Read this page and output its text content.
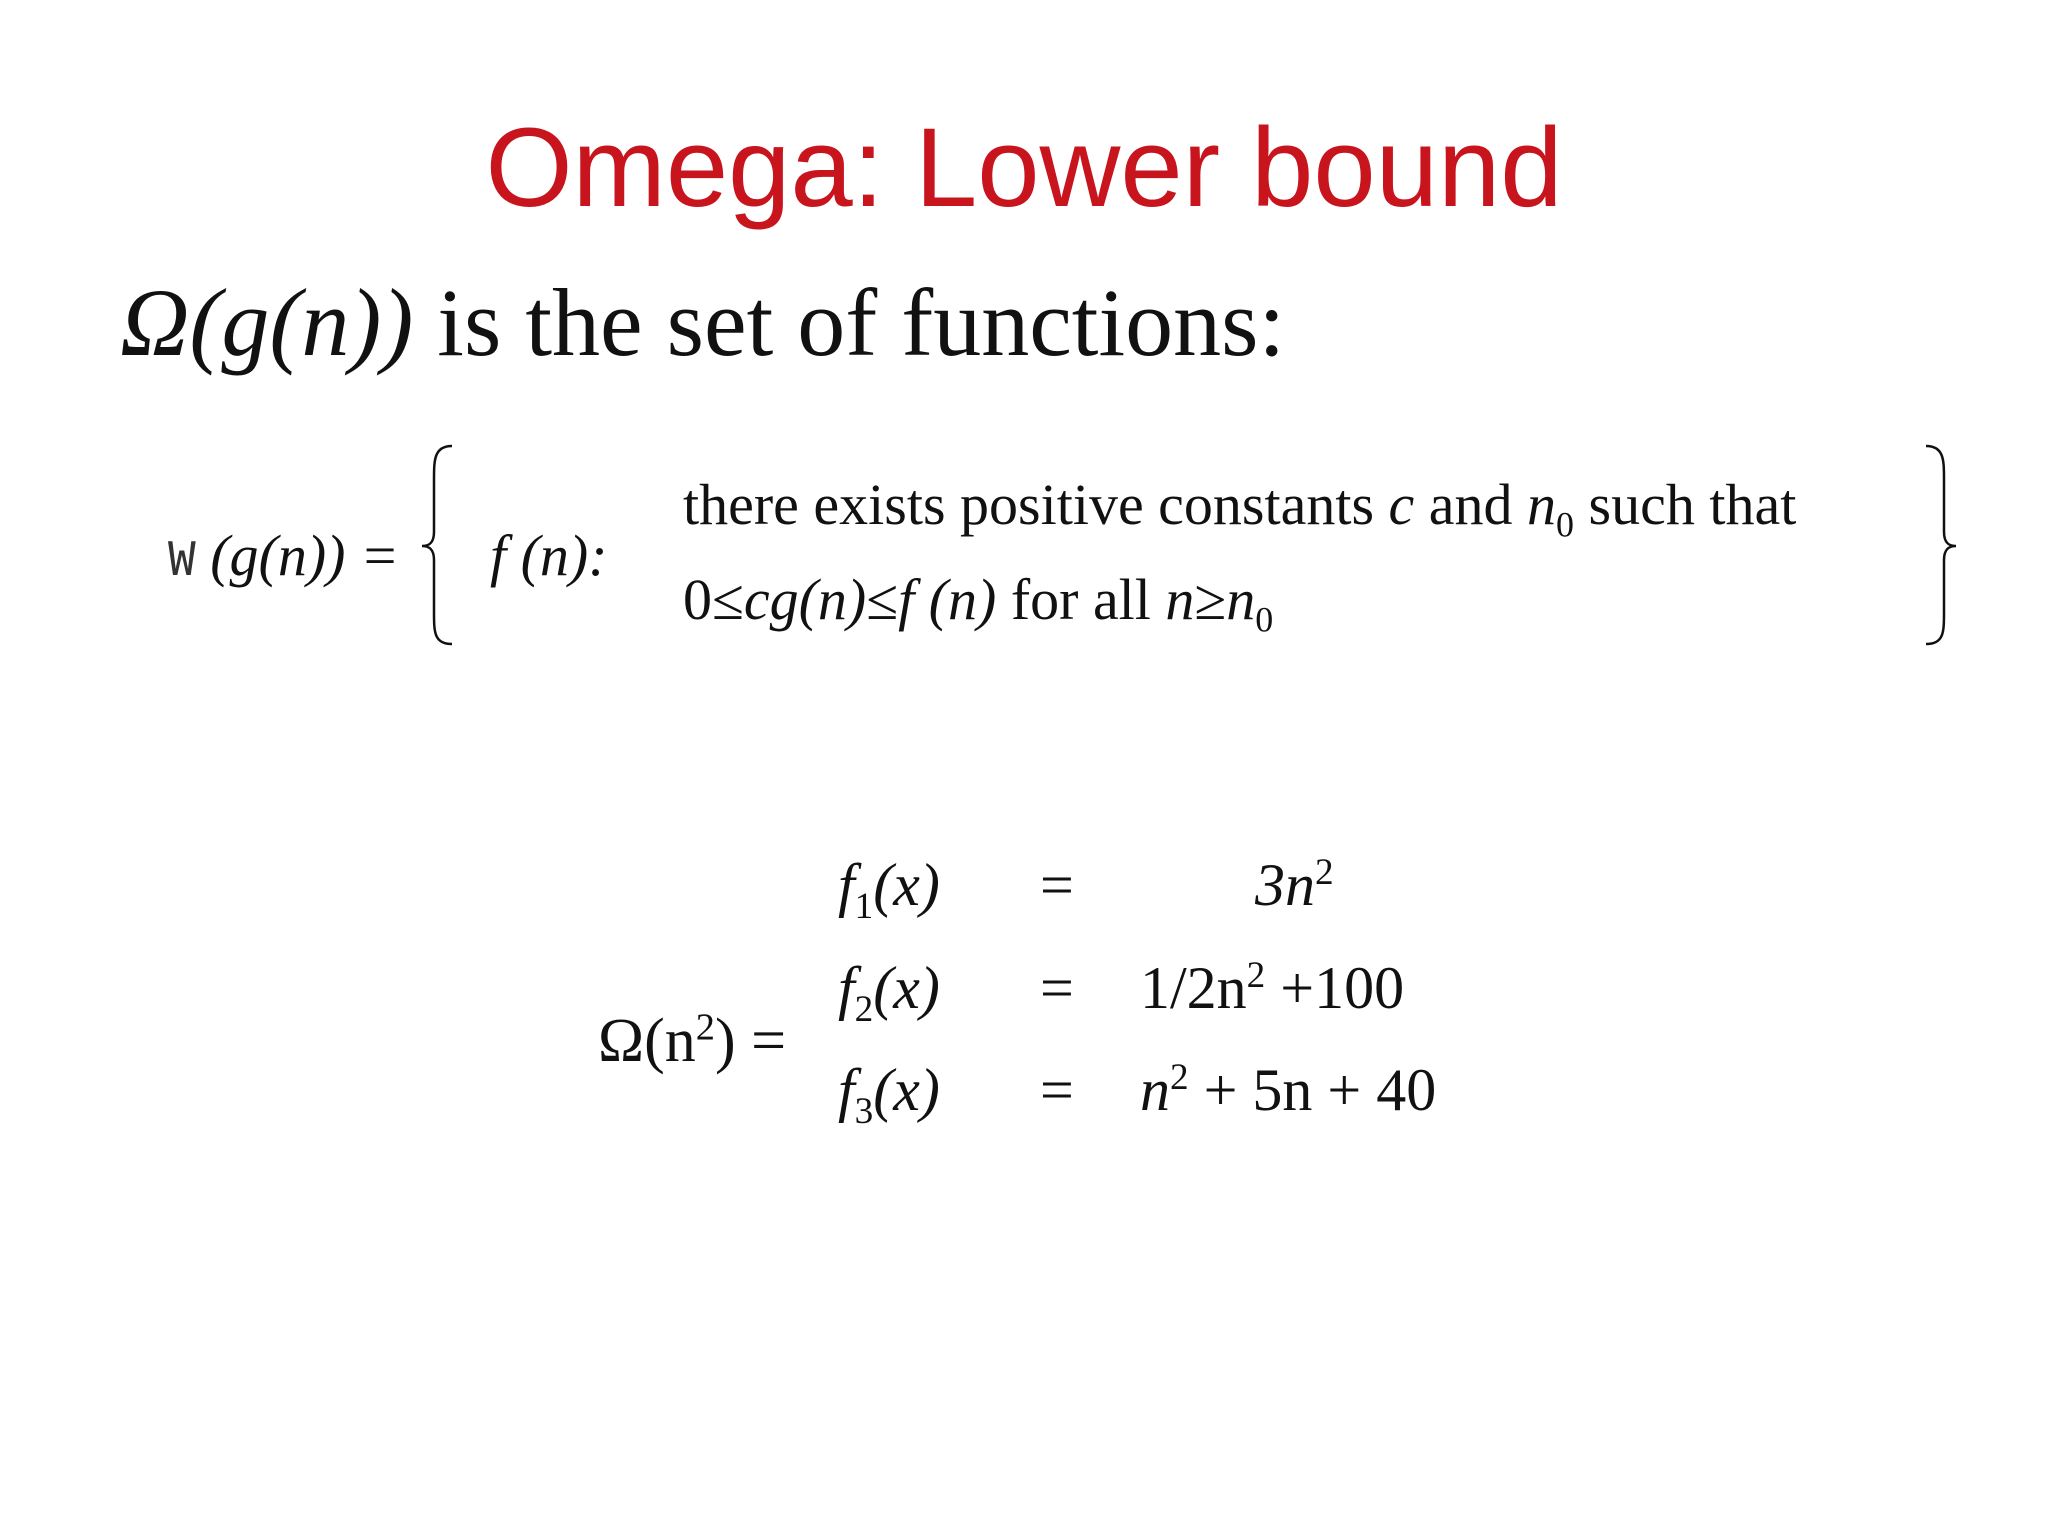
Omega: Lower bound
Ω(g(n)) is the set of functions:
W (g(n)) = f (n):
there exists positive constants c and $n_0$ such that
0≤cg(n)≤f (n) for all $n\ge n_0$
$\Omega(n^2)$ =
$f_1(x)$ =	$3n^2$
$f_2(x) = 1/2n^2 +100$
$f_3(x) = n^2 + 5n + 40$
